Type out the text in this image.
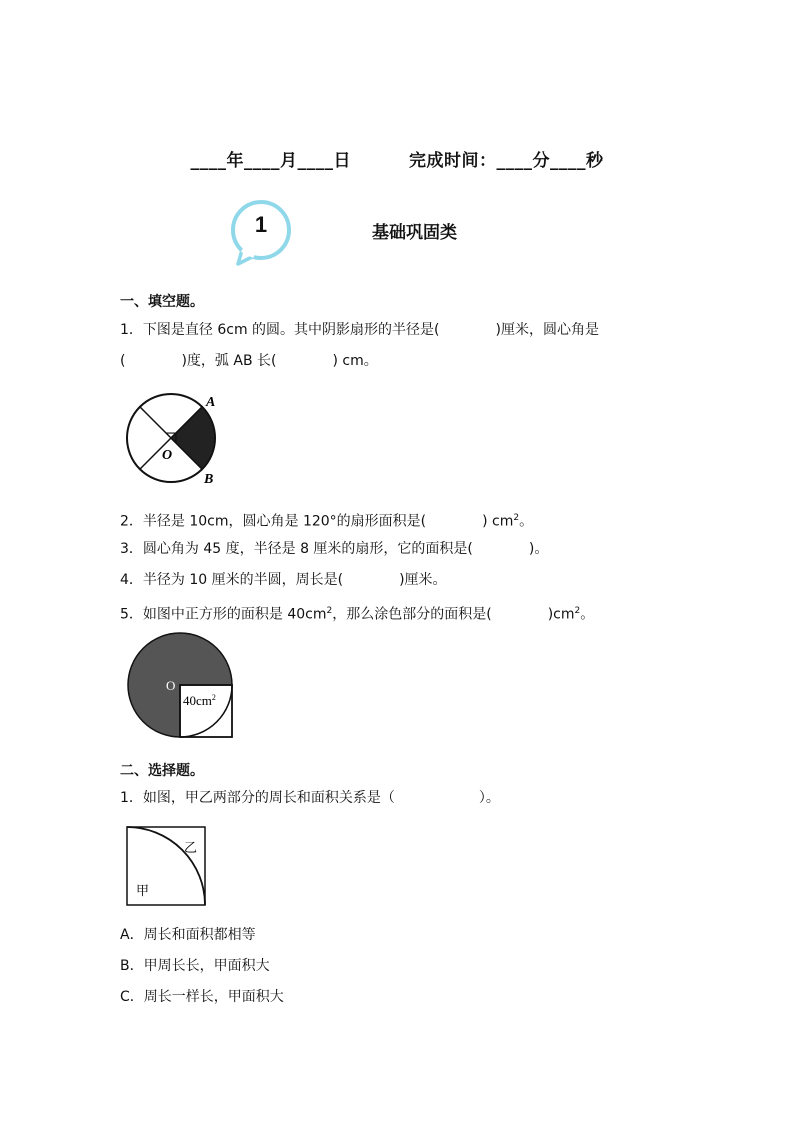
____年____月____日	完成时间：____分____秒
1	基础巩固类
一、填空题。
1．下图是直径 6cm 的圆。其中阴影扇形的半径是(　　　　)厘米，圆心角是
(　　　　)度，弧 AB 长(　　　　) cm。
A
B
O
2．半径是 10cm，圆心角是 120°的扇形面积是(　　　　) $cm^2$。
3．圆心角为 45 度，半径是 8 厘米的扇形，它的面积是(　　　　)。
4．半径为 10 厘米的半圆，周长是(　　　　)厘米。
5．如图中正方形的面积是 $40cm^2$，那么涂色部分的面积是(　　　　)$cm^2$。
O
$40cm^2$
二、选择题。
1．如图，甲乙两部分的周长和面积关系是（　　　　　　）。
甲
乙
A．周长和面积都相等
B．甲周长长，甲面积大
C．周长一样长，甲面积大
